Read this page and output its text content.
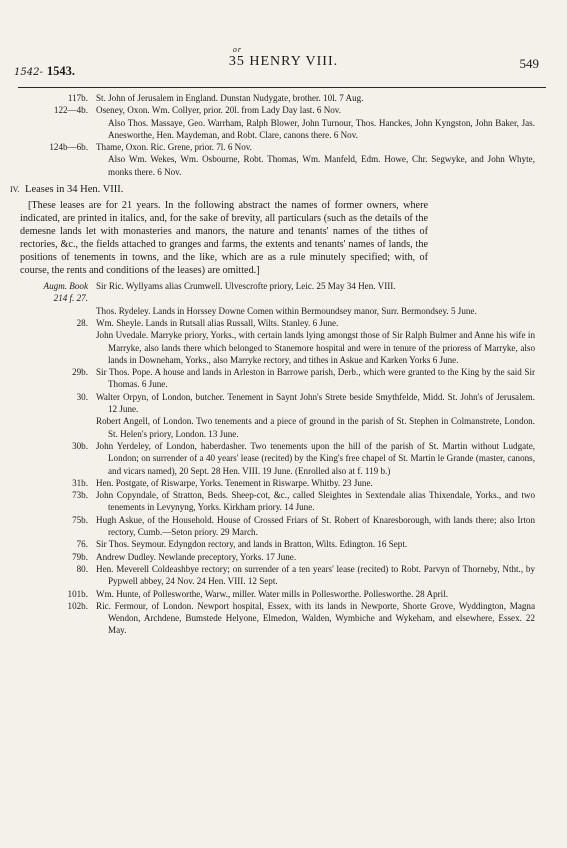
1542- 1543.
or
35 HENRY VIII.	549
117b. St. John of Jerusalem in England. Dunstan Nudygate, brother. 10l. 7 Aug.
122—4b. Oseney, Oxon. Wm. Collyer, prior. 20l. from Lady Day last. 6 Nov.
Also Thos. Massaye, Geo. Warrham, Ralph Blower, John Turnour, Thos. Hanckes, John Kyngston, John Baker, Jas. Anesworthe, Hen. Maydeman, and Robt. Clare, canons there. 6 Nov.
124b—6b. Thame, Oxon. Ric. Grene, prior. 7l. 6 Nov.
Also Wm. Wekes, Wm. Osbourne, Robt. Thomas, Wm. Manfeld, Edm. Howe, Chr. Segwyke, and John Whyte, monks there. 6 Nov.
IV. Leases in 34 Hen. VIII.
[These leases are for 21 years. In the following abstract the names of former owners, where indicated, are printed in italics, and, for the sake of brevity, all particulars (such as the details of the demesne lands let with monasteries and manors, the nature and tenants' names of the tithes of rectories, &c., the fields attached to granges and farms, the extents and tenants' names of lands, the positions of tenements in towns, and the like, which are as a rule minutely specified; with, of course, the rents and conditions of the leases) are omitted.]
Augm. Book
214 f. 27.
Sir Ric. Wyllyams alias Crumwell. Ulvescrofte priory, Leic. 25 May 34 Hen. VIII.
Thos. Rydeley. Lands in Horssey Downe Comen within Bermoundsey manor, Surr. Bermondsey. 5 June.
28. Wm. Sheyle. Lands in Rutsall alias Russall, Wilts. Stanley. 6 June.
John Uvedale. Marryke priory, Yorks., with certain lands lying amongst those of Sir Ralph Bulmer and Anne his wife in Marryke, also lands there which belonged to Stanemore hospital and were in tenure of the prioress of Marryke, also lands in Downeham, Yorks., also Marryke rectory, and tithes in Askue and Karken Yorks 6 June.
29b. Sir Thos. Pope. A house and lands in Arleston in Barrowe parish, Derb., which were granted to the King by the said Sir Thomas. 6 June.
30. Walter Orpyn, of London, butcher. Tenement in Saynt John's Strete beside Smythfelde, Midd. St. John's of Jerusalem. 12 June.
Robert Angell, of London. Two tenements and a piece of ground in the parish of St. Stephen in Colmanstrete, London. St. Helen's priory, London. 13 June.
30b. John Yerdeley, of London, haberdasher. Two tenements upon the hill of the parish of St. Martin without Ludgate, London; on surrender of a 40 years' lease (recited) by the King's free chapel of St. Martin le Grande (master, canons, and vicars named), 20 Sept. 28 Hen. VIII. 19 June. (Enrolled also at f. 119 b.)
31b. Hen. Postgate, of Riswarpe, Yorks. Tenement in Riswarpe. Whitby. 23 June.
73b. John Copyndale, of Stratton, Beds. Sheep-cot, &c., called Sleightes in Sextendale alias Thixendale, Yorks., and two tenements in Levynyng, Yorks. Kirkham priory. 14 June.
75b. Hugh Askue, of the Household. House of Crossed Friars of St. Robert of Knaresborough, with lands there; also Irton rectory, Cumb.—Seton priory. 29 March.
76. Sir Thos. Seymour. Edyngdon rectory, and lands in Bratton, Wilts. Edington. 16 Sept.
79b. Andrew Dudley. Newlande preceptory, Yorks. 17 June.
80. Hen. Meverell Coldeashbye rectory; on surrender of a ten years' lease (recited) to Robt. Parvyn of Thorneby, Ntht., by Pypwell abbey, 24 Nov. 24 Hen. VIII. 12 Sept.
101b. Wm. Hunte, of Pollesworthe, Warw., miller. Water mills in Pollesworthe. Pollesworthe. 28 April.
102b. Ric. Fermour, of London. Newport hospital, Essex, with its lands in Newporte, Shorte Grove, Wyddington, Magna Wendon, Archdene, Bumstede Helyone, Elmedon, Walden, Wymbiche and Wykeham, and elsewhere, Essex. 22 May.
